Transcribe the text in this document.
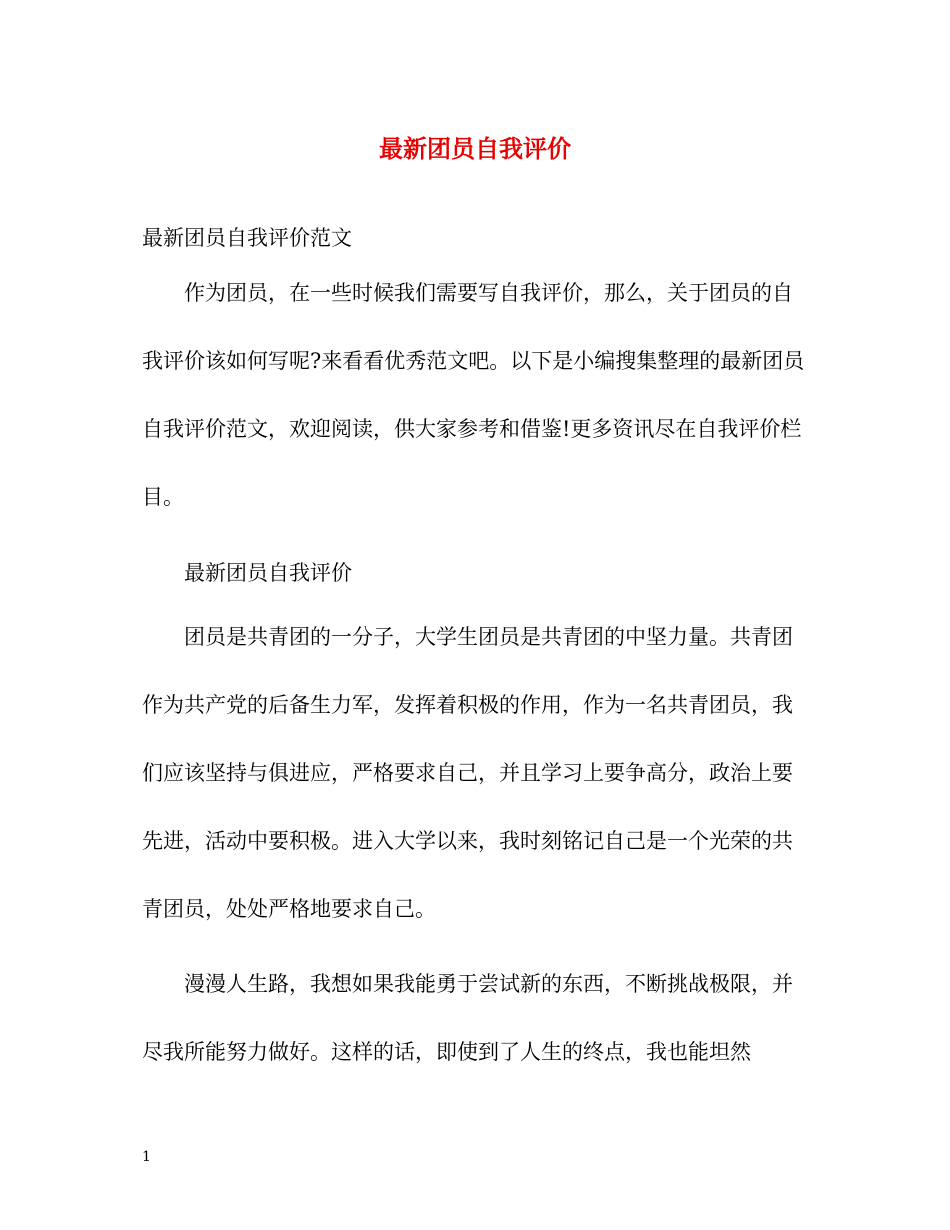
最新团员自我评价

最新团员自我评价范文

作为团员，在一些时候我们需要写自我评价，那么，关于团员的自我评价该如何写呢?来看看优秀范文吧。以下是小编搜集整理的最新团员自我评价范文，欢迎阅读，供大家参考和借鉴!更多资讯尽在自我评价栏目。

最新团员自我评价

团员是共青团的一分子，大学生团员是共青团的中坚力量。共青团作为共产党的后备生力军，发挥着积极的作用，作为一名共青团员，我们应该坚持与俱进应，严格要求自己，并且学习上要争高分，政治上要先进，活动中要积极。进入大学以来，我时刻铭记自己是一个光荣的共青团员，处处严格地要求自己。

漫漫人生路，我想如果我能勇于尝试新的东西，不断挑战极限，并尽我所能努力做好。这样的话，即使到了人生的终点，我也能坦然

1
